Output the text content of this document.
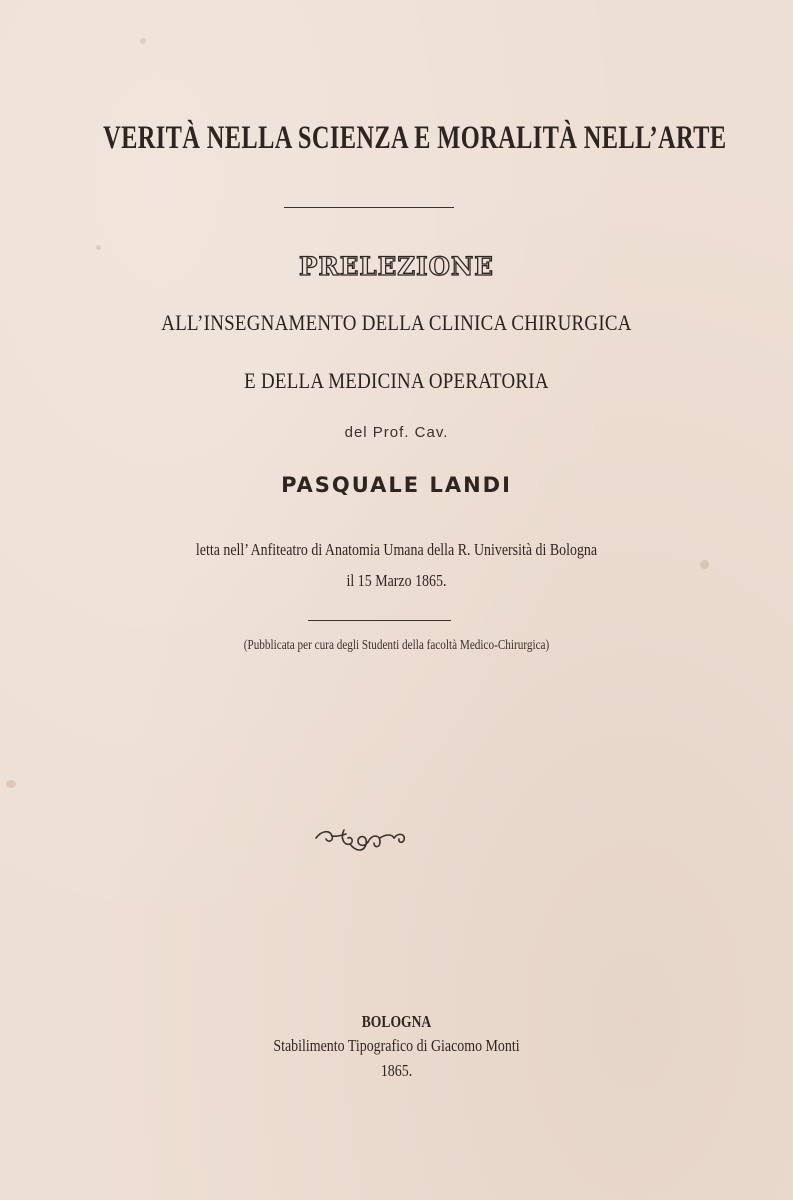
VERITÀ NELLA SCIENZA E MORALITÀ NELL’ARTE
PRELEZIONE
ALL’INSEGNAMENTO DELLA CLINICA CHIRURGICA
E DELLA MEDICINA OPERATORIA
del Prof. Cav.
PASQUALE LANDI
letta nell’ Anfiteatro di Anatomia Umana della R. Università di Bologna
il 15 Marzo 1865.
(Pubblicata per cura degli Studenti della facoltà Medico-Chirurgica)
BOLOGNA
Stabilimento Tipografico di Giacomo Monti
1865.
